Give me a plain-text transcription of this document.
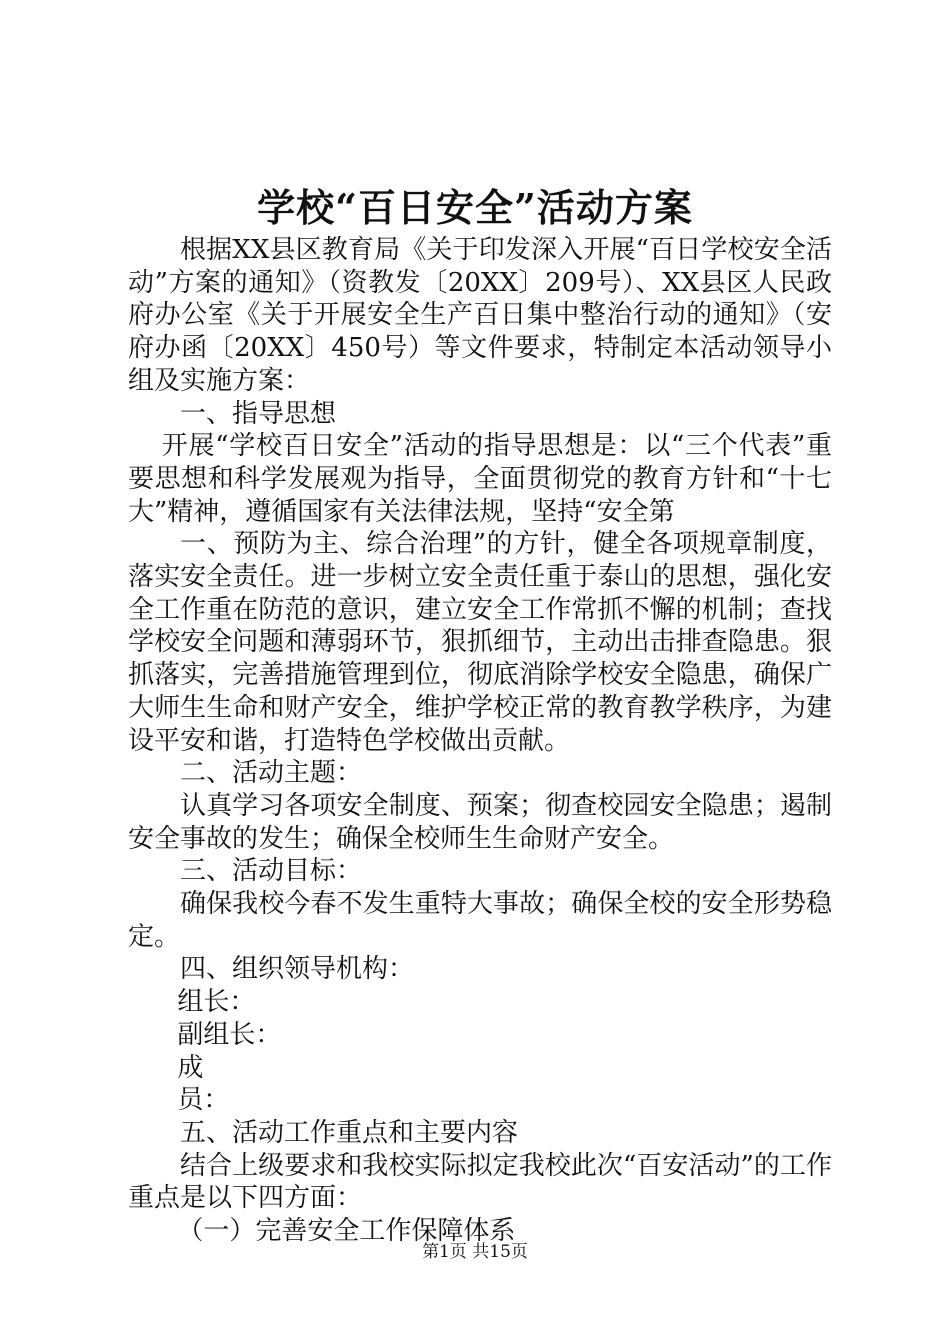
学校“百日安全”活动方案

根据XX县区教育局《关于印发深入开展“百日学校安全活动”方案的通知》（资教发〔20XX〕209号）、XX县区人民政府办公室《关于开展安全生产百日集中整治行动的通知》（安府办函〔20XX〕450号）等文件要求，特制定本活动领导小组及实施方案：

一、指导思想

开展“学校百日安全”活动的指导思想是：以“三个代表”重要思想和科学发展观为指导，全面贯彻党的教育方针和“十七大”精神，遵循国家有关法律法规，坚持“安全第

一、预防为主、综合治理”的方针，健全各项规章制度，落实安全责任。进一步树立安全责任重于泰山的思想，强化安全工作重在防范的意识，建立安全工作常抓不懈的机制；查找学校安全问题和薄弱环节，狠抓细节，主动出击排查隐患。狠抓落实，完善措施管理到位，彻底消除学校安全隐患，确保广大师生生命和财产安全，维护学校正常的教育教学秩序，为建设平安和谐，打造特色学校做出贡献。

二、活动主题：

认真学习各项安全制度、预案；彻查校园安全隐患；遏制安全事故的发生；确保全校师生生命财产安全。

三、活动目标：

确保我校今春不发生重特大事故；确保全校的安全形势稳定。

四、组织领导机构：

组长：

副组长：

成

员：

五、活动工作重点和主要内容

结合上级要求和我校实际拟定我校此次“百安活动”的工作重点是以下四方面：

（一）完善安全工作保障体系

第1页 共15页
